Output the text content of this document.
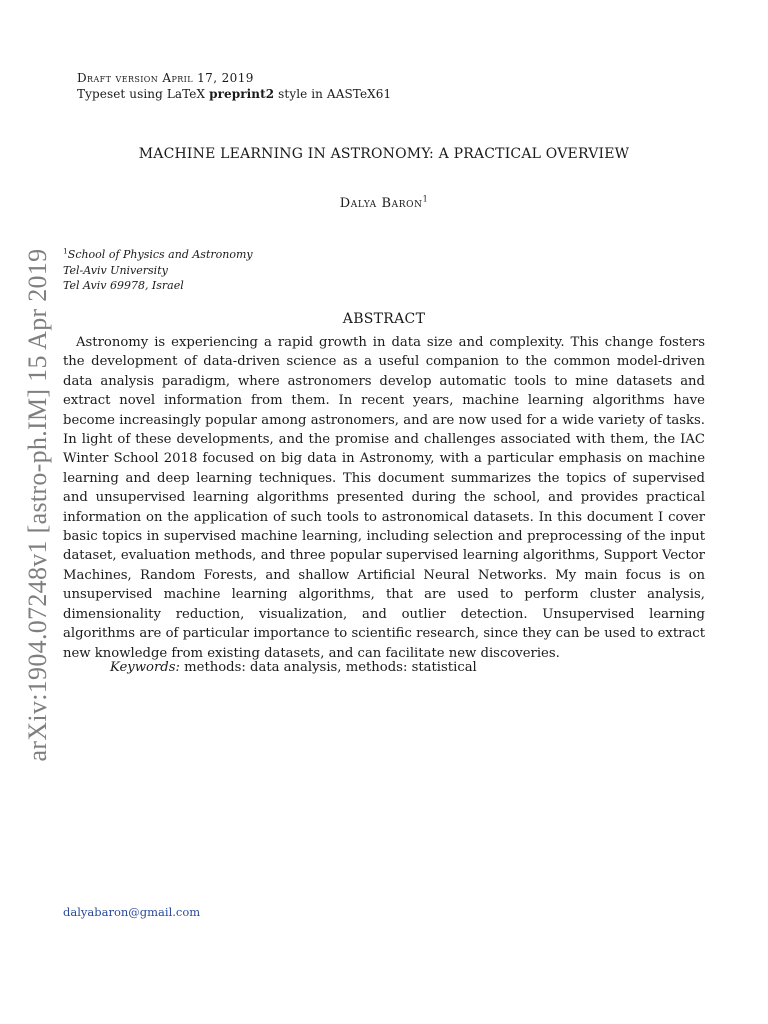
Draft version April 17, 2019
Typeset using LaTeX preprint2 style in AASTeX61
MACHINE LEARNING IN ASTRONOMY: A PRACTICAL OVERVIEW
Dalya Baron$^1$
$^1$School of Physics and Astronomy
Tel-Aviv University
Tel Aviv 69978, Israel
ABSTRACT
Astronomy is experiencing a rapid growth in data size and complexity. This change fosters the development of data-driven science as a useful companion to the common model-driven data analysis paradigm, where astronomers develop automatic tools to mine datasets and extract novel information from them. In recent years, machine learning algorithms have become increasingly popular among astronomers, and are now used for a wide variety of tasks. In light of these developments, and the promise and challenges associated with them, the IAC Winter School 2018 focused on big data in Astronomy, with a particular emphasis on machine learning and deep learning techniques. This document summarizes the topics of supervised and unsupervised learning algorithms presented during the school, and provides practical information on the application of such tools to astronomical datasets. In this document I cover basic topics in supervised machine learning, including selection and preprocessing of the input dataset, evaluation methods, and three popular supervised learning algorithms, Support Vector Machines, Random Forests, and shallow Artificial Neural Networks. My main focus is on unsupervised machine learning algorithms, that are used to perform cluster analysis, dimensionality reduction, visualization, and outlier detection. Unsupervised learning algorithms are of particular importance to scientific research, since they can be used to extract new knowledge from existing datasets, and can facilitate new discoveries.
Keywords: methods: data analysis, methods: statistical
dalyabaron@gmail.com
arXiv:1904.07248v1 [astro-ph.IM] 15 Apr 2019
